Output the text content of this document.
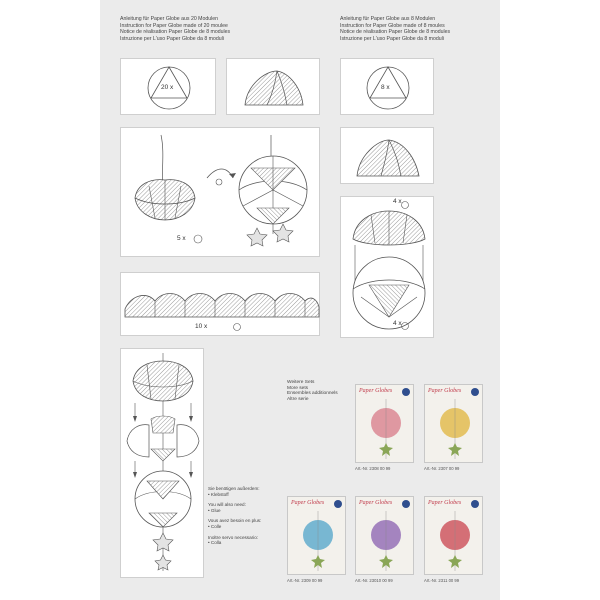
Anleitung für Paper Globe aus 20 Modulen
Instruction for Paper Globe made of 20 moulee
Notice de réalisation Paper Globe de 8 modules
Istruzione per L'uso Paper Globe da 8 moduli
Anleitung für Paper Globe aus 8 Modulen
Instruction for Paper Globe made of 8 moules
Notice de réalisation Paper Globe de 8 modules
Istruzione per L'uso Paper Globe da 8 moduli
20 x	8 x
5 x
4 x
4 x
10 x
Sie benötigen außerdem:
• Klebstoff
You will also need:
• Glue
Vous avez besoin en plus:
• Colle
Inoltre servo necessario:
• Colla
Weitere Sets
More sets
Ensembles additionnels
Altre serie
Paper Globes
Art.-Nr. 2308 00 99
Paper Globes
Art.-Nr. 2307 00 99
Paper Globes
Art.-Nr. 2309 00 99
Paper Globes
Art.-Nr. 23010 00 99
Paper Globes
Art.-Nr. 2311 00 99
